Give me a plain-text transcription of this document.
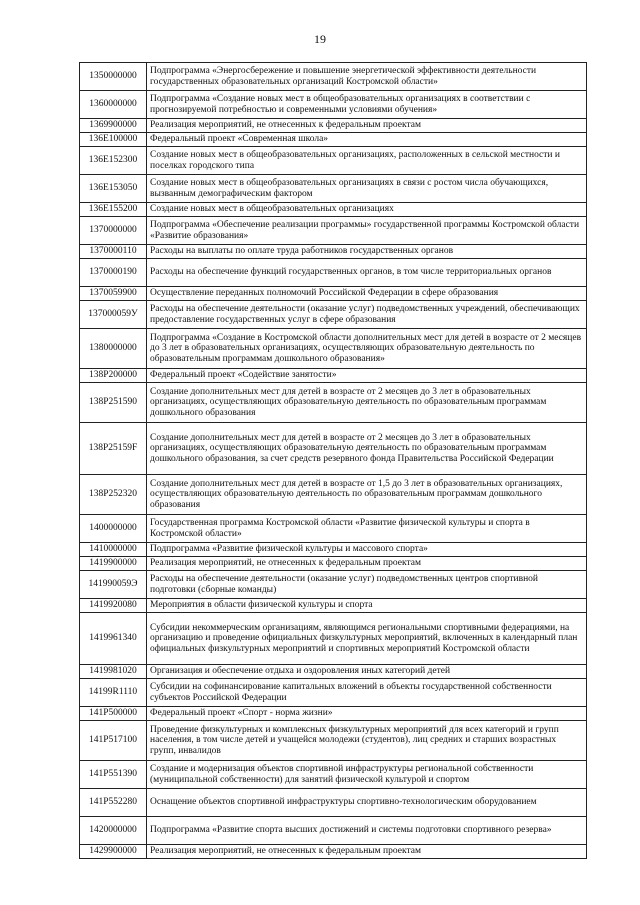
19
1350000000	Подпрограмма «Энергосбережение и повышение энергетической эффективности деятельности государственных образовательных организаций Костромской области»
1360000000	Подпрограмма «Создание новых мест в общеобразовательных организациях в соответствии с прогнозируемой потребностью и современными условиями обучения»
1369900000	Реализация мероприятий, не отнесенных к федеральным проектам
136E100000	Федеральный проект «Современная школа»
136E152300	Создание новых мест в общеобразовательных организациях, расположенных в сельской местности и поселках городского типа
136E153050	Создание новых мест в общеобразовательных организациях в связи с ростом числа обучающихся, вызванным демографическим фактором
136E155200	Создание новых мест в общеобразовательных организациях
1370000000	Подпрограмма «Обеспечение реализации программы» государственной программы Костромской области «Развитие образования»
1370000110	Расходы на выплаты по оплате труда работников государственных органов
1370000190	Расходы на обеспечение функций государственных органов, в том числе территориальных органов
1370059900	Осуществление переданных полномочий Российской Федерации в сфере образования
137000059У	Расходы на обеспечение деятельности (оказание услуг) подведомственных учреждений, обеспечивающих предоставление государственных услуг в сфере образования
1380000000	Подпрограмма «Создание в Костромской области дополнительных мест для детей в возрасте от 2 месяцев до 3 лет в образовательных организациях, осуществляющих образовательную деятельность по образовательным программам дошкольного образования»
138P200000	Федеральный проект «Содействие занятости»
138P251590	Создание дополнительных мест для детей в возрасте от 2 месяцев до 3 лет в образовательных организациях, осуществляющих образовательную деятельность по образовательным программам дошкольного образования
138P25159F	Создание дополнительных мест для детей в возрасте от 2 месяцев до 3 лет в образовательных организациях, осуществляющих образовательную деятельность по образовательным программам дошкольного образования, за счет средств резервного фонда Правительства Российской Федерации
138P252320	Создание дополнительных мест для детей в возрасте от 1,5 до 3 лет в образовательных организациях, осуществляющих образовательную деятельность по образовательным программам дошкольного образования
1400000000	Государственная программа Костромской области «Развитие физической культуры и спорта в Костромской области»
1410000000	Подпрограмма «Развитие физической культуры и массового спорта»
1419900000	Реализация мероприятий, не отнесенных к федеральным проектам
141990059Э	Расходы на обеспечение деятельности (оказание услуг) подведомственных центров спортивной подготовки (сборные команды)
1419920080	Мероприятия в области физической культуры и спорта
1419961340	Субсидии некоммерческим организациям, являющимся региональными спортивными федерациями, на организацию и проведение официальных физкультурных мероприятий, включенных в календарный план официальных физкультурных мероприятий и спортивных мероприятий Костромской области
1419981020	Организация и обеспечение отдыха и оздоровления иных категорий детей
14199R1110	Субсидии на софинансирование капитальных вложений в объекты государственной собственности субъектов Российской Федерации
141P500000	Федеральный проект «Спорт - норма жизни»
141P517100	Проведение физкультурных и комплексных физкультурных мероприятий для всех категорий и групп населения, в том числе детей и учащейся молодежи (студентов), лиц средних и старших возрастных групп, инвалидов
141P551390	Создание и модернизация объектов спортивной инфраструктуры региональной собственности (муниципальной собственности) для занятий физической культурой и спортом
141P552280	Оснащение объектов спортивной инфраструктуры спортивно-технологическим оборудованием
1420000000	Подпрограмма «Развитие спорта высших достижений и системы подготовки спортивного резерва»
1429900000	Реализация мероприятий, не отнесенных к федеральным проектам
